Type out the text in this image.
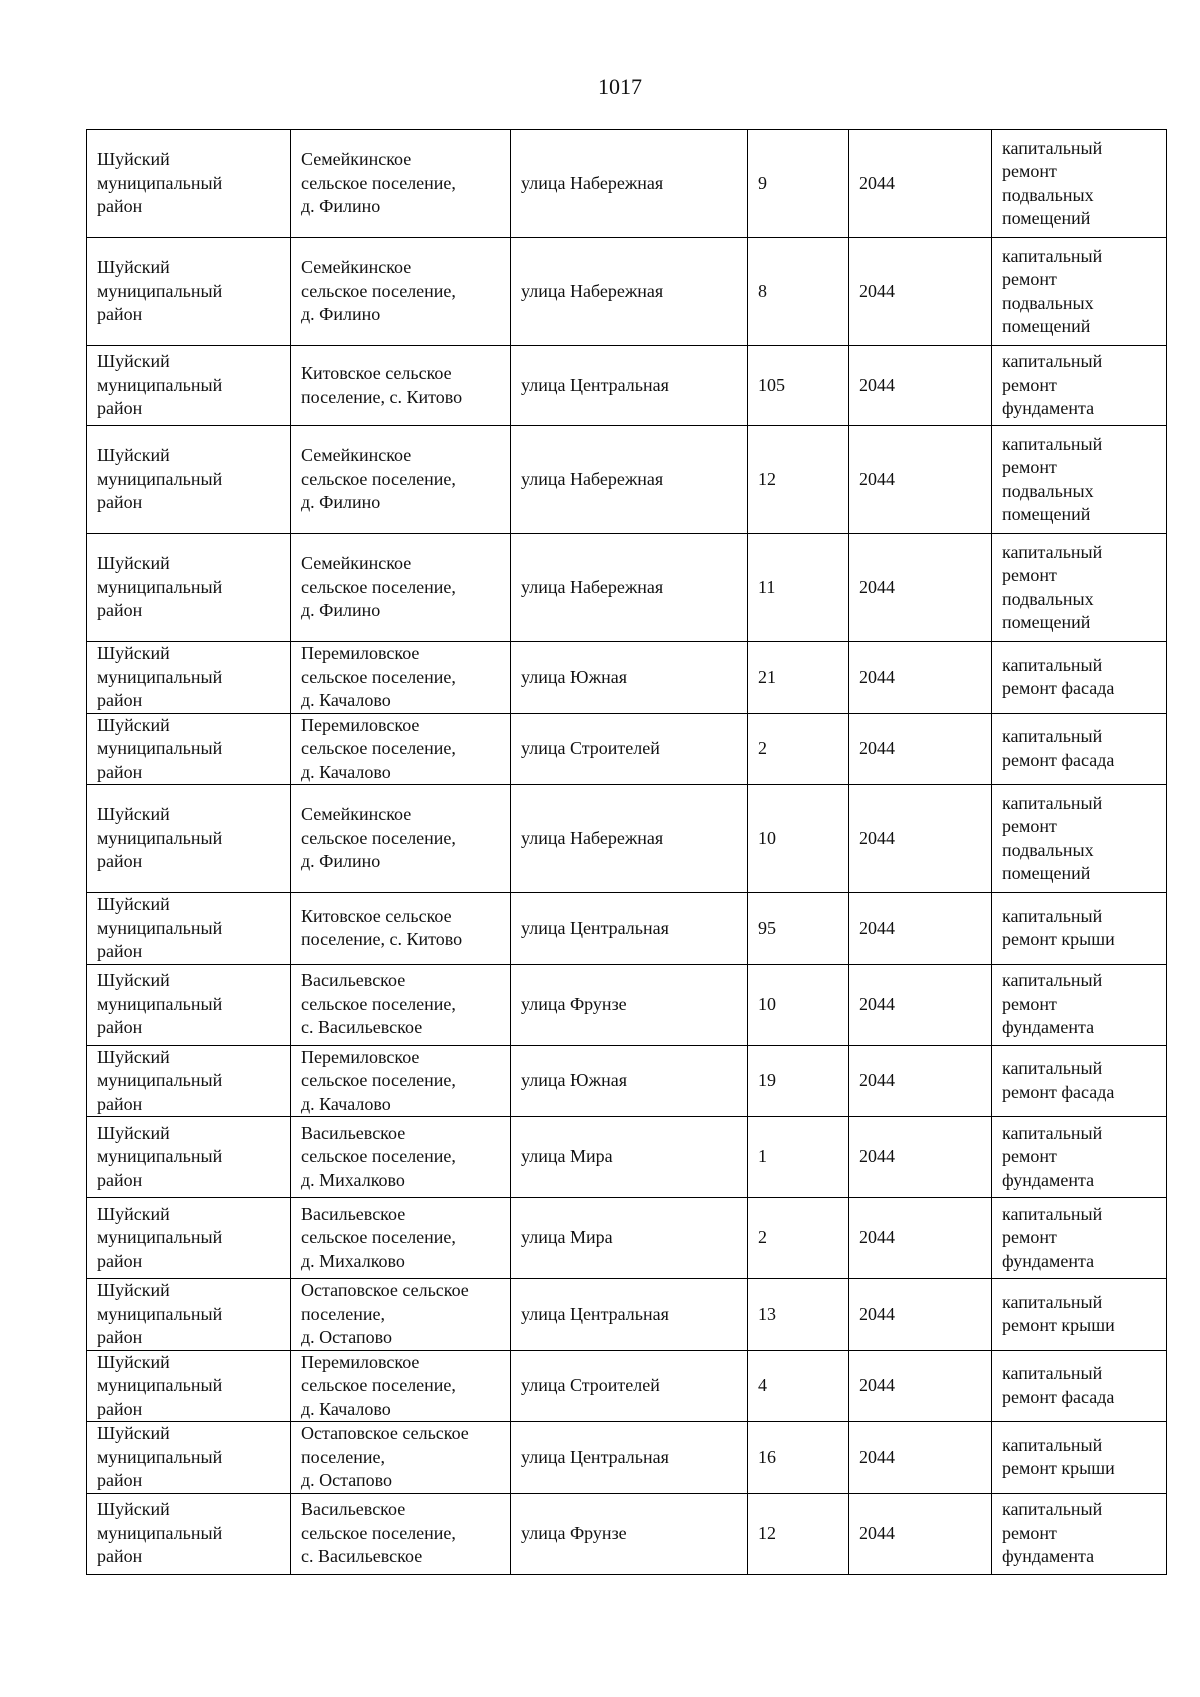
1017
Шуйский
муниципальный
район	Семейкинское
сельское поселение,
д. Филино	улица Набережная	9	2044	капитальный
ремонт
подвальных
помещений
Шуйский
муниципальный
район	Семейкинское
сельское поселение,
д. Филино	улица Набережная	8	2044	капитальный
ремонт
подвальных
помещений
Шуйский
муниципальный
район	Китовское сельское
поселение, с. Китово	улица Центральная	105	2044	капитальный
ремонт
фундамента
Шуйский
муниципальный
район	Семейкинское
сельское поселение,
д. Филино	улица Набережная	12	2044	капитальный
ремонт
подвальных
помещений
Шуйский
муниципальный
район	Семейкинское
сельское поселение,
д. Филино	улица Набережная	11	2044	капитальный
ремонт
подвальных
помещений
Шуйский
муниципальный
район	Перемиловское
сельское поселение,
д. Качалово	улица Южная	21	2044	капитальный
ремонт фасада
Шуйский
муниципальный
район	Перемиловское
сельское поселение,
д. Качалово	улица Строителей	2	2044	капитальный
ремонт фасада
Шуйский
муниципальный
район	Семейкинское
сельское поселение,
д. Филино	улица Набережная	10	2044	капитальный
ремонт
подвальных
помещений
Шуйский
муниципальный
район	Китовское сельское
поселение, с. Китово	улица Центральная	95	2044	капитальный
ремонт крыши
Шуйский
муниципальный
район	Васильевское
сельское поселение,
с. Васильевское	улица Фрунзе	10	2044	капитальный
ремонт
фундамента
Шуйский
муниципальный
район	Перемиловское
сельское поселение,
д. Качалово	улица Южная	19	2044	капитальный
ремонт фасада
Шуйский
муниципальный
район	Васильевское
сельское поселение,
д. Михалково	улица Мира	1	2044	капитальный
ремонт
фундамента
Шуйский
муниципальный
район	Васильевское
сельское поселение,
д. Михалково	улица Мира	2	2044	капитальный
ремонт
фундамента
Шуйский
муниципальный
район	Остаповское сельское
поселение,
д. Остапово	улица Центральная	13	2044	капитальный
ремонт крыши
Шуйский
муниципальный
район	Перемиловское
сельское поселение,
д. Качалово	улица Строителей	4	2044	капитальный
ремонт фасада
Шуйский
муниципальный
район	Остаповское сельское
поселение,
д. Остапово	улица Центральная	16	2044	капитальный
ремонт крыши
Шуйский
муниципальный
район	Васильевское
сельское поселение,
с. Васильевское	улица Фрунзе	12	2044	капитальный
ремонт
фундамента
